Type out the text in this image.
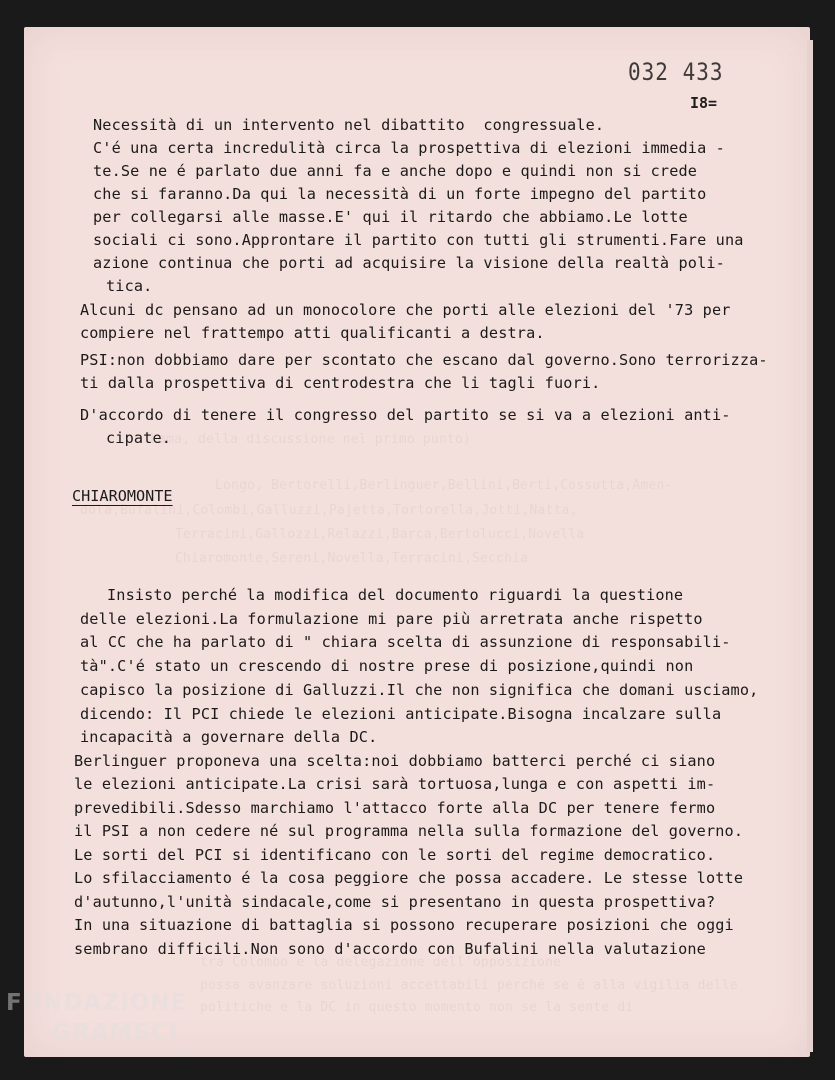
Lama, della discussione nel primo punto)
Longo, Bertorelli,Berlinguer,Bellini,Berti,Cossutta,Amen-
dola,Bufalini,Colombi,Galluzzi,Pajetta,Tortorella,Jotti,Natta,
Terracini,Gallozzi,Relazzi,Barca,Bertolucci,Novella
Chiaromonte,Sereni,Novella,Terracini,Secchia
tra Colombo e la delegazione dell'opposizione
possa avanzare soluzioni accettabili perché se è alla vigilia delle
politiche e la DC in questo momento non se la sente di
032 433
I8=
Necessità di un intervento nel dibattito  congressuale.
C'é una certa incredulità circa la prospettiva di elezioni immedia -
te.Se ne é parlato due anni fa e anche dopo e quindi non si crede
che si faranno.Da qui la necessità di un forte impegno del partito
per collegarsi alle masse.E' qui il ritardo che abbiamo.Le lotte
sociali ci sono.Approntare il partito con tutti gli strumenti.Fare una
azione continua che porti ad acquisire la visione della realtà poli-
tica.
Alcuni dc pensano ad un monocolore che porti alle elezioni del '73 per
compiere nel frattempo atti qualificanti a destra.
PSI:non dobbiamo dare per scontato che escano dal governo.Sono terrorizza-
ti dalla prospettiva di centrodestra che li tagli fuori.
D'accordo di tenere il congresso del partito se si va a elezioni anti-
cipate.
CHIAROMONTE
Insisto perché la modifica del documento riguardi la questione
delle elezioni.La formulazione mi pare più arretrata anche rispetto
al CC che ha parlato di " chiara scelta di assunzione di responsabili-
tà".C'é stato un crescendo di nostre prese di posizione,quindi non
capisco la posizione di Galluzzi.Il che non significa che domani usciamo,
dicendo: Il PCI chiede le elezioni anticipate.Bisogna incalzare sulla
incapacità a governare della DC.
Berlinguer proponeva una scelta:noi dobbiamo batterci perché ci siano
le elezioni anticipate.La crisi sarà tortuosa,lunga e con aspetti im-
prevedibili.Sdesso marchiamo l'attacco forte alla DC per tenere fermo
il PSI a non cedere né sul programma nella sulla formazione del governo.
Le sorti del PCI si identificano con le sorti del regime democratico.
Lo sfilacciamento é la cosa peggiore che possa accadere. Le stesse lotte
d'autunno,l'unità sindacale,come si presentano in questa prospettiva?
In una situazione di battaglia si possono recuperare posizioni che oggi
sembrano difficili.Non sono d'accordo con Bufalini nella valutazione
FONDAZIONE
GRAMSCI
onlus
